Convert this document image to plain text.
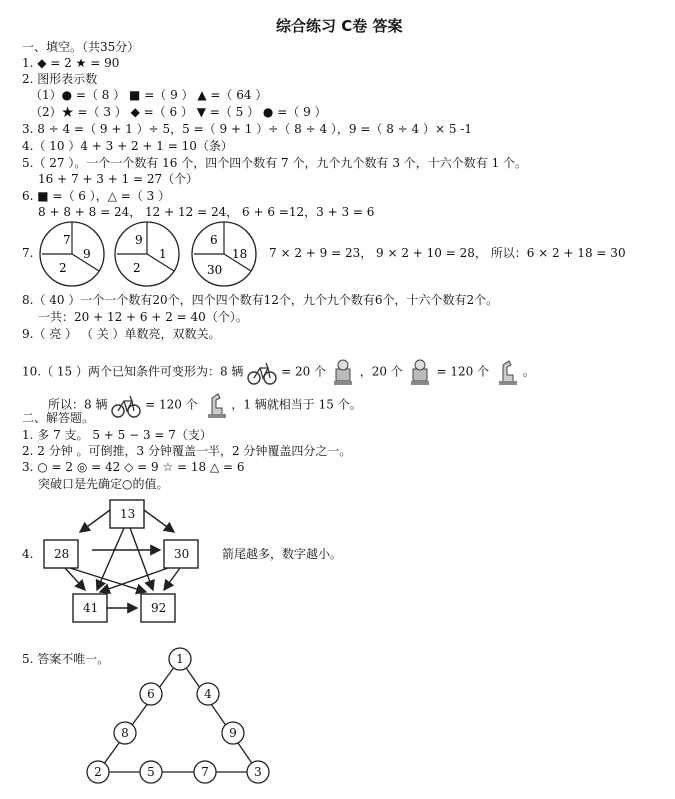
综合练习 C卷 答案
一、填空。（共35分）
1. ◆ = 2 ★ = 90
2. 图形表示数
（1）● =（ 8 ） ■ =（ 9 ） ▲ =（ 64 ）
（2）★ =（ 3 ） ◆ =（ 6 ） ▼ =（ 5 ） ● =（ 9 ）
3. 8 ÷ 4 =（ 9 + 1 ）÷ 5，5 =（ 9 + 1 ）÷（ 8 ÷ 4 ），9 =（ 8 ÷ 4 ）× 5 -1
4.（ 10 ）4 + 3 + 2 + 1 = 10（条）
5.（ 27 ）。一个一个数有 16 个，四个四个数有 7 个，九个九个数有 3 个，十六个数有 1 个。
16 + 7 + 3 + 1 = 27（个）
6. ■ =（ 6 ），△ =（ 3 ）
8 + 8 + 8 = 24， 12 + 12 = 24， 6 + 6 =12，3 + 3 = 6
7.
7
9
2
9
1
2
6
18
30
13
28	30
41	92
1
6	4
8	9
2	5	7	3
7 × 2 + 9 = 23， 9 × 2 + 10 = 28， 所以：6 × 2 + 18 = 30
8.（ 40 ）一个一个数有20个，四个四个数有12个，九个九个数有6个，十六个数有2个。
一共：20 + 12 + 6 + 2 = 40（个）。
9.（ 亮 ） （ 关 ）单数亮，双数关。
10.（ 15 ）两个已知条件可变形为：8 辆	= 20 个	，20 个	= 120 个	。
所以：8 辆	= 120 个	，1 辆就相当于 15 个。
二、解答题。
1. 多 7 支。 5 + 5 − 3 = 7（支）
2. 2 分钟 。可倒推，3 分钟覆盖一半，2 分钟覆盖四分之一。
3. ○ = 2 ◎ = 42 ◇ = 9 ☆ = 18 △ = 6
突破口是先确定○的值。
4.	箭尾越多，数字越小。
5. 答案不唯一。
